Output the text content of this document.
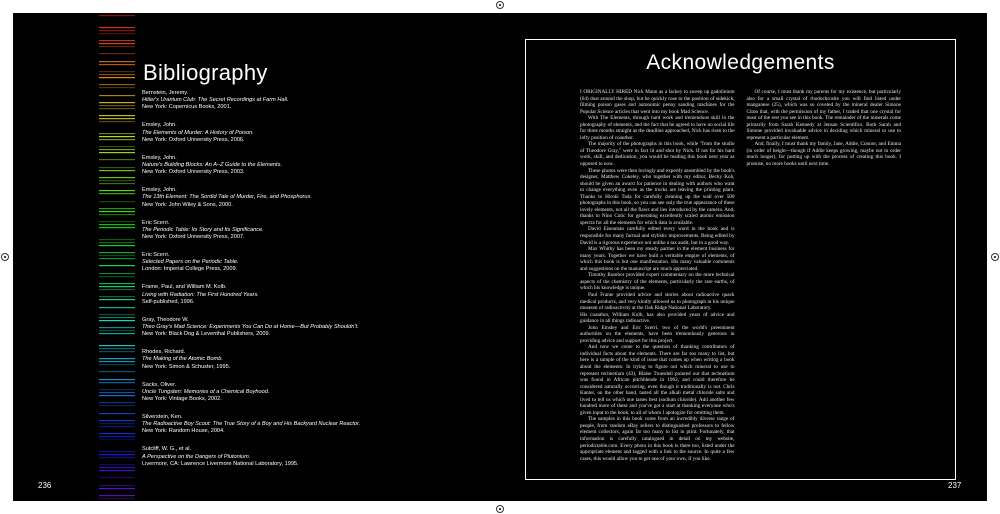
Bibliography
Bernstein, Jeremy.
Hitler's Uranium Club: The Secret Recordings at Farm Hall.
New York: Copernicus Books, 2001.
Emsley, John.
The Elements of Murder: A History of Poison.
New York: Oxford University Press, 2006.
Emsley, John.
Nature's Building Blocks: An A–Z Guide to the Elements.
New York: Oxford University Press, 2003.
Emsley, John.
The 13th Element: The Sordid Tale of Murder, Fire, and Phosphorus.
New York: John Wiley & Sons, 2000.
Eric Scerri.
The Periodic Table: Its Story and Its Significance.
New York: Oxford University Press, 2007.
Eric Scerri.
Selected Papers on the Periodic Table.
London: Imperial College Press, 2009.
Frame, Paul, and William M. Kolb.
Living with Radiation: The First Hundred Years.
Self-published, 1996.
Gray, Theodore W.
Theo Gray's Mad Science: Experiments You Can Do at Home—But Probably Shouldn't.
New York: Black Dog & Leventhal Publishers, 2009.
Rhodes, Richard.
The Making of the Atomic Bomb.
New York: Simon & Schuster, 1995.
Sacks, Oliver.
Uncle Tungsten: Memories of a Chemical Boyhood.
New York: Vintage Books, 2002.
Silverstein, Ken.
The Radioactive Boy Scout: The True Story of a Boy and His Backyard Nuclear Reactor.
New York: Random House, 2004.
Sutcliff, W. G., et al.
A Perspective on the Dangers of Plutonium.
Livermore, CA: Lawrence Livermore National Laboratory, 1995.
236
Acknowledgements

I ORIGINALLY HIRED Nick Mann as a lackey to sweep up gadolinium (64) dust around the shop, but he quickly rose to the position of sidekick, filming poison gases and autonomic penny sanding machines for the Popular Science articles that went into my book Mad Science.

With The Elements, through hard work and tremendous skill in the photography of elements, and the fact that he agreed to have no social life for three months straight as the deadline approached, Nick has risen to the lofty position of coauthor.

The majority of the photographs in this book, while "from the studio of Theodore Gray," were in fact lit and shot by Nick. If not for his hard work, skill, and dedication, you would be reading this book next year as opposed to now.

These photos were then lovingly and expertly assembled by the book's designer, Matthew Cokeley, who together with my editor, Becky Koh, should be given an award for patience in dealing with authors who want to change everything even as the trucks are leaving the printing plant. Thanks to Hiroki Tada for carefully cleaning up the wall over 500 photographs in this book, so you can see only the true appearance of these lovely elements, not all the flaws and lies introduced by the camera. And, thanks to Nino Cutic for generating excellently scaled atomic emission spectra for all the elements for which data is available.

David Eisenman carefully edited every word in the book and is responsible for many factual and stylistic improvements. Being edited by David is a rigorous experience not unlike a tax audit, but in a good way.

Max Whitby has been my steady partner in the element business for many years. Together we have built a veritable empire of elements, of which this book is but one manifestation. His many valuable comments and suggestions on the manuscript are much appreciated.

Timothy Rumbor provided expert commentary on the more technical aspects of the chemistry of the elements, particularly the rare earths, of which his knowledge is unique.

Paul Frame provided advice and stories about radioactive quack medical products, and very kindly allowed us to photograph in his unique museum of radioactivity at the Oak Ridge National Laboratory.

His coauthor, William Kolb, has also provided years of advice and guidance in all things radioactive.

John Emsley and Eric Scerri, two of the world's preeminent authorities on the elements, have been tremendously generous in providing advice and support for this project.

And now we come to the question of thanking contributors of individual facts about the elements. There are far too many to list, but here is a sample of the kind of issue that comes up when writing a book about the elements: In trying to figure out which mineral to use to represent technetium (43), Blaise Truesdell pointed out that technetium was found in African pitchblende in 1962, and could therefore be considered naturally occurring, even though it traditionally is not. Chris Kanter, on the other hand, tasted all the alkali metal chloride salts and lived to tell us which one tastes best (sodium chloride). Add another few hundred more of these and you've got a start at thanking everyone who's given input to the book, to all of whom I apologize for omitting them.

The samples in this book come from an incredibly diverse range of people, from random eBay sellers to distinguished professors to fellow element collectors, again far too many to list in print. Fortunately, that information is carefully catalogued in detail on my website, periodictable.com. Every photo in this book is there too, listed under the appropriate element and tagged with a link to the source. In quite a few cases, this would allow you to get one of your own, if you like.

Of course, I must thank my parents for my existence, but particularly also for a small crystal of rhodochrosite you will find listed under manganese (25), which was so coveted by the mineral dealer Simone Citon that, with the permission of my father, I traded that one crystal for most of the rest you see in this book. The remainder of the minerals come primarily from Sarah Kennedy at Jensan Scientifics. Both Sarah and Simone provided invaluable advice in deciding which mineral to use to represent a particular element.

And, finally, I must thank my family, Jane, Addie, Connor, and Emma (in order of height—though if Addie keeps growing, maybe not in order much longer), for putting up with the process of creating this book. I promise, no more books until next time.

237
